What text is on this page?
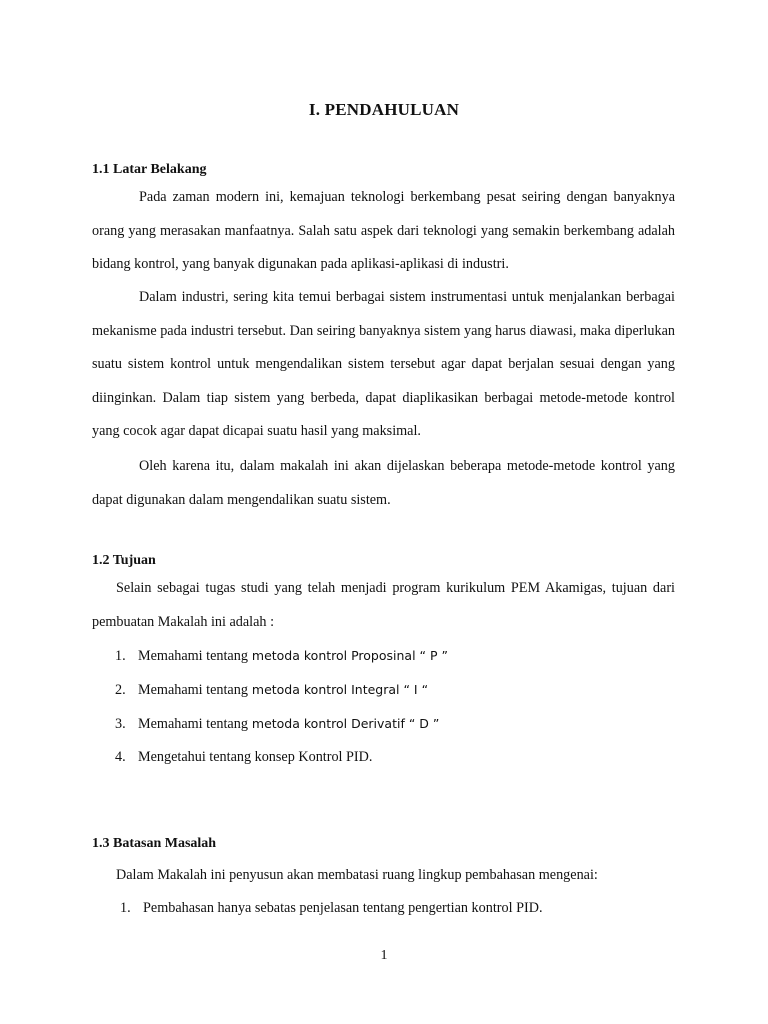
I. PENDAHULUAN
1.1 Latar Belakang

Pada zaman modern ini, kemajuan teknologi berkembang pesat seiring dengan banyaknya orang yang merasakan manfaatnya. Salah satu aspek dari teknologi yang semakin berkembang adalah bidang kontrol, yang banyak digunakan pada aplikasi-aplikasi di industri.

Dalam industri, sering kita temui berbagai sistem instrumentasi untuk menjalankan berbagai mekanisme pada industri tersebut. Dan seiring banyaknya sistem yang harus diawasi, maka diperlukan suatu sistem kontrol untuk mengendalikan sistem tersebut agar dapat berjalan sesuai dengan yang diinginkan. Dalam tiap sistem yang berbeda, dapat diaplikasikan berbagai metode-metode kontrol yang cocok agar dapat dicapai suatu hasil yang maksimal.

Oleh karena itu, dalam makalah ini akan dijelaskan beberapa metode-metode kontrol yang dapat digunakan dalam mengendalikan suatu sistem.

1.2 Tujuan

Selain sebagai tugas studi yang telah menjadi program kurikulum PEM Akamigas, tujuan dari pembuatan Makalah ini adalah :

1. Memahami tentang metoda kontrol Proposinal “ P ”
2. Memahami tentang metoda kontrol Integral “ I “
3. Memahami tentang metoda kontrol Derivatif “ D ”
4. Mengetahui tentang konsep Kontrol PID.
1.3 Batasan Masalah

Dalam Makalah ini penyusun akan membatasi ruang lingkup pembahasan mengenai:

1. Pembahasan hanya sebatas penjelasan tentang pengertian kontrol PID.
1
